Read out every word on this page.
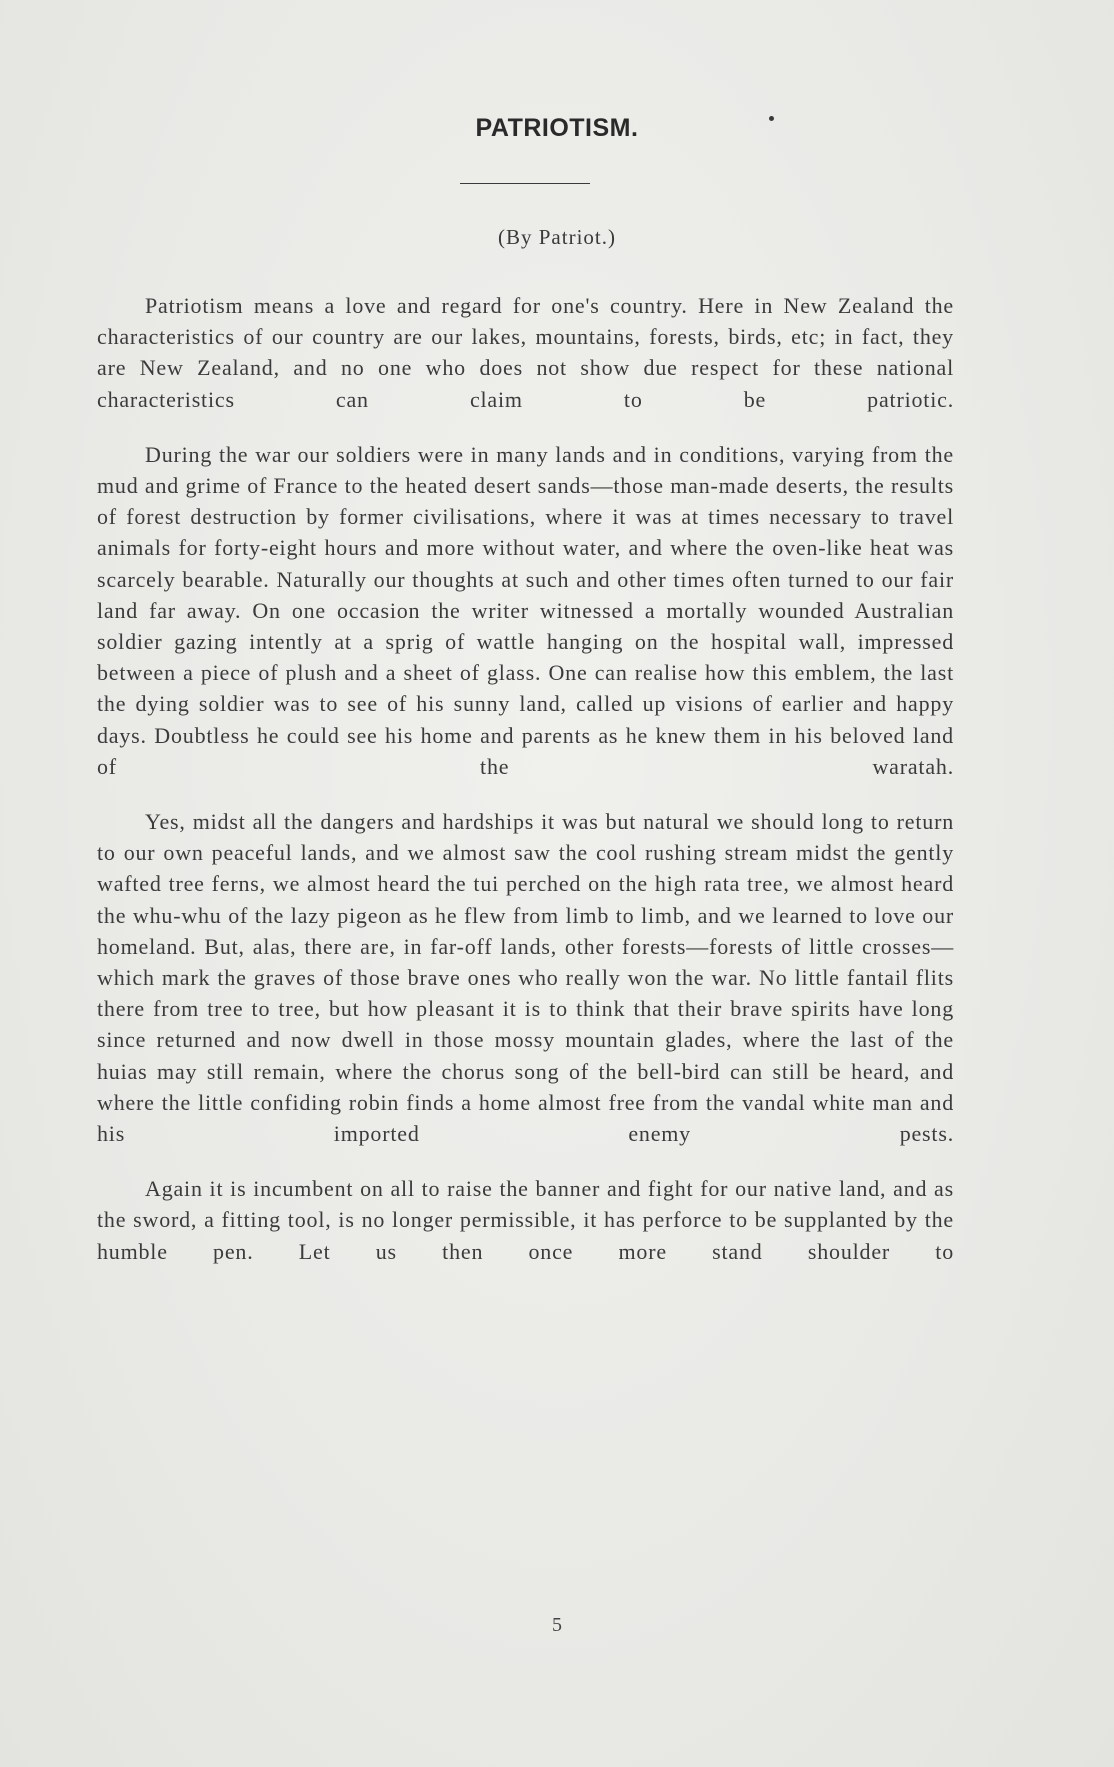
PATRIOTISM.
(By Patriot.)

Patriotism means a love and regard for one's country. Here in New Zealand the characteristics of our country are our lakes, mountains, forests, birds, etc; in fact, they are New Zealand, and no one who does not show due respect for these national characteristics can claim to be patriotic.

During the war our soldiers were in many lands and in conditions, varying from the mud and grime of France to the heated desert sands—those man-made deserts, the results of forest destruction by former civilisations, where it was at times necessary to travel animals for forty-eight hours and more without water, and where the oven-like heat was scarcely bearable. Naturally our thoughts at such and other times often turned to our fair land far away. On one occasion the writer witnessed a mortally wounded Australian soldier gazing intently at a sprig of wattle hanging on the hospital wall, impressed between a piece of plush and a sheet of glass. One can realise how this emblem, the last the dying soldier was to see of his sunny land, called up visions of earlier and happy days. Doubtless he could see his home and parents as he knew them in his beloved land of the waratah.

Yes, midst all the dangers and hardships it was but natural we should long to return to our own peaceful lands, and we almost saw the cool rushing stream midst the gently wafted tree ferns, we almost heard the tui perched on the high rata tree, we almost heard the whu-whu of the lazy pigeon as he flew from limb to limb, and we learned to love our homeland. But, alas, there are, in far-off lands, other forests—forests of little crosses—which mark the graves of those brave ones who really won the war. No little fantail flits there from tree to tree, but how pleasant it is to think that their brave spirits have long since returned and now dwell in those mossy mountain glades, where the last of the huias may still remain, where the chorus song of the bell-bird can still be heard, and where the little confiding robin finds a home almost free from the vandal white man and his imported enemy pests.

Again it is incumbent on all to raise the banner and fight for our native land, and as the sword, a fitting tool, is no longer permissible, it has perforce to be supplanted by the humble pen. Let us then once more stand shoulder to

5
